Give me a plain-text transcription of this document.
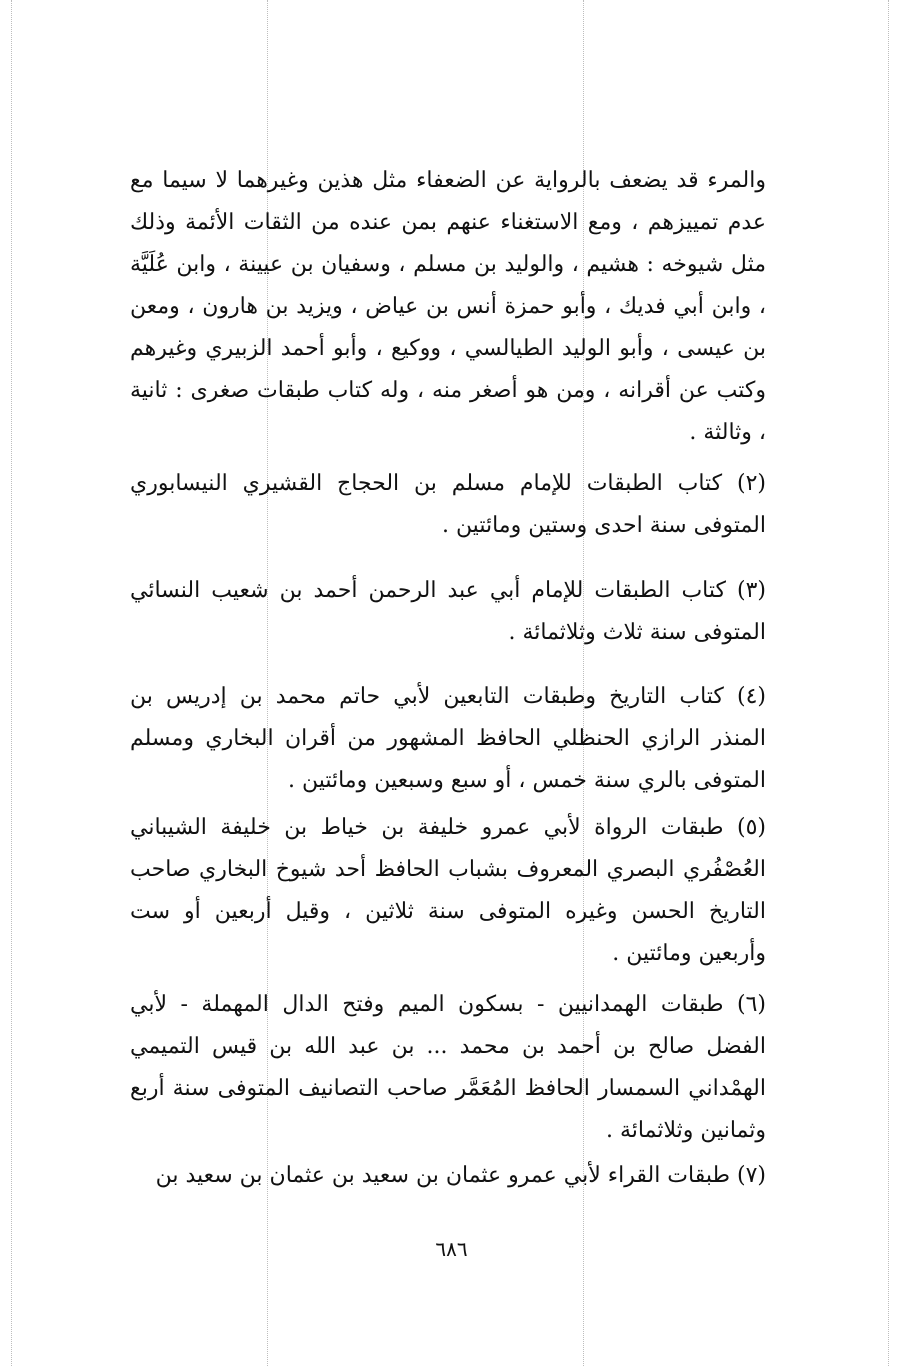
والمرء قد يضعف بالرواية عن الضعفاء مثل هذين وغيرهما لا سيما مع عدم تمييزهم ، ومع الاستغناء عنهم بمن عنده من الثقات الأئمة وذلك مثل شيوخه : هشيم ، والوليد بن مسلم ، وسفيان بن عيينة ، وابن عُلَيَّة ، وابن أبي فديك ، وأبو حمزة أنس بن عياض ، ويزيد بن هارون ، ومعن بن عيسى ، وأبو الوليد الطيالسي ، ووكيع ، وأبو أحمد الزبيري وغيرهم وكتب عن أقرانه ، ومن هو أصغر منه ، وله كتاب طبقات صغرى : ثانية ، وثالثة .

(٢) كتاب الطبقات للإمام مسلم بن الحجاج القشيري النيسابوري المتوفى سنة احدى وستين ومائتين .

(٣) كتاب الطبقات للإمام أبي عبد الرحمن أحمد بن شعيب النسائي المتوفى سنة ثلاث وثلاثمائة .

(٤) كتاب التاريخ وطبقات التابعين لأبي حاتم محمد بن إدريس بن المنذر الرازي الحنظلي الحافظ المشهور من أقران البخاري ومسلم المتوفى بالري سنة خمس ، أو سبع وسبعين ومائتين .

(٥) طبقات الرواة لأبي عمرو خليفة بن خياط بن خليفة الشيباني العُصْفُري البصري المعروف بشباب الحافظ أحد شيوخ البخاري صاحب التاريخ الحسن وغيره المتوفى سنة ثلاثين ، وقيل أربعين أو ست وأربعين ومائتين .

(٦) طبقات الهمدانيين - بسكون الميم وفتح الدال المهملة - لأبي الفضل صالح بن أحمد بن محمد ... بن عبد الله بن قيس التميمي الهمْداني السمسار الحافظ المُعَمَّر صاحب التصانيف المتوفى سنة أربع وثمانين وثلاثمائة .

(٧) طبقات القراء لأبي عمرو عثمان بن سعيد بن عثمان بن سعيد بن

٦٨٦
